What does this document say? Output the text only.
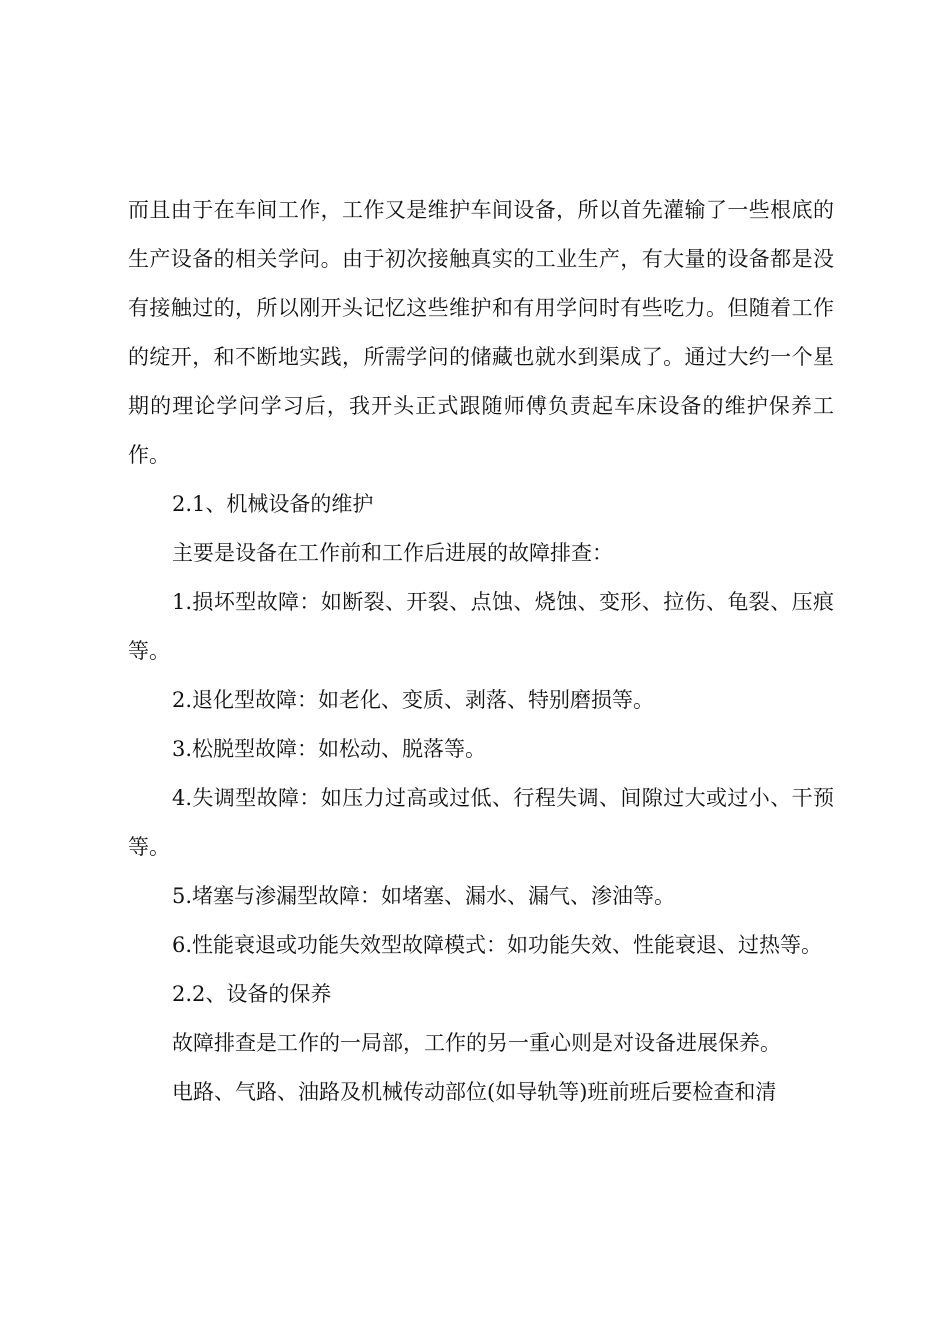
而且由于在车间工作，工作又是维护车间设备，所以首先灌输了一些根底的生产设备的相关学问。由于初次接触真实的工业生产，有大量的设备都是没有接触过的，所以刚开头记忆这些维护和有用学问时有些吃力。但随着工作的绽开，和不断地实践，所需学问的储藏也就水到渠成了。通过大约一个星期的理论学问学习后，我开头正式跟随师傅负责起车床设备的维护保养工作。

2.1、机械设备的维护

主要是设备在工作前和工作后进展的故障排查：

1.损坏型故障：如断裂、开裂、点蚀、烧蚀、变形、拉伤、龟裂、压痕等。

2.退化型故障：如老化、变质、剥落、特别磨损等。

3.松脱型故障：如松动、脱落等。

4.失调型故障：如压力过高或过低、行程失调、间隙过大或过小、干预等。

5.堵塞与渗漏型故障：如堵塞、漏水、漏气、渗油等。

6.性能衰退或功能失效型故障模式：如功能失效、性能衰退、过热等。

2.2、设备的保养

故障排查是工作的一局部，工作的另一重心则是对设备进展保养。

电路、气路、油路及机械传动部位(如导轨等)班前班后要检查和清
